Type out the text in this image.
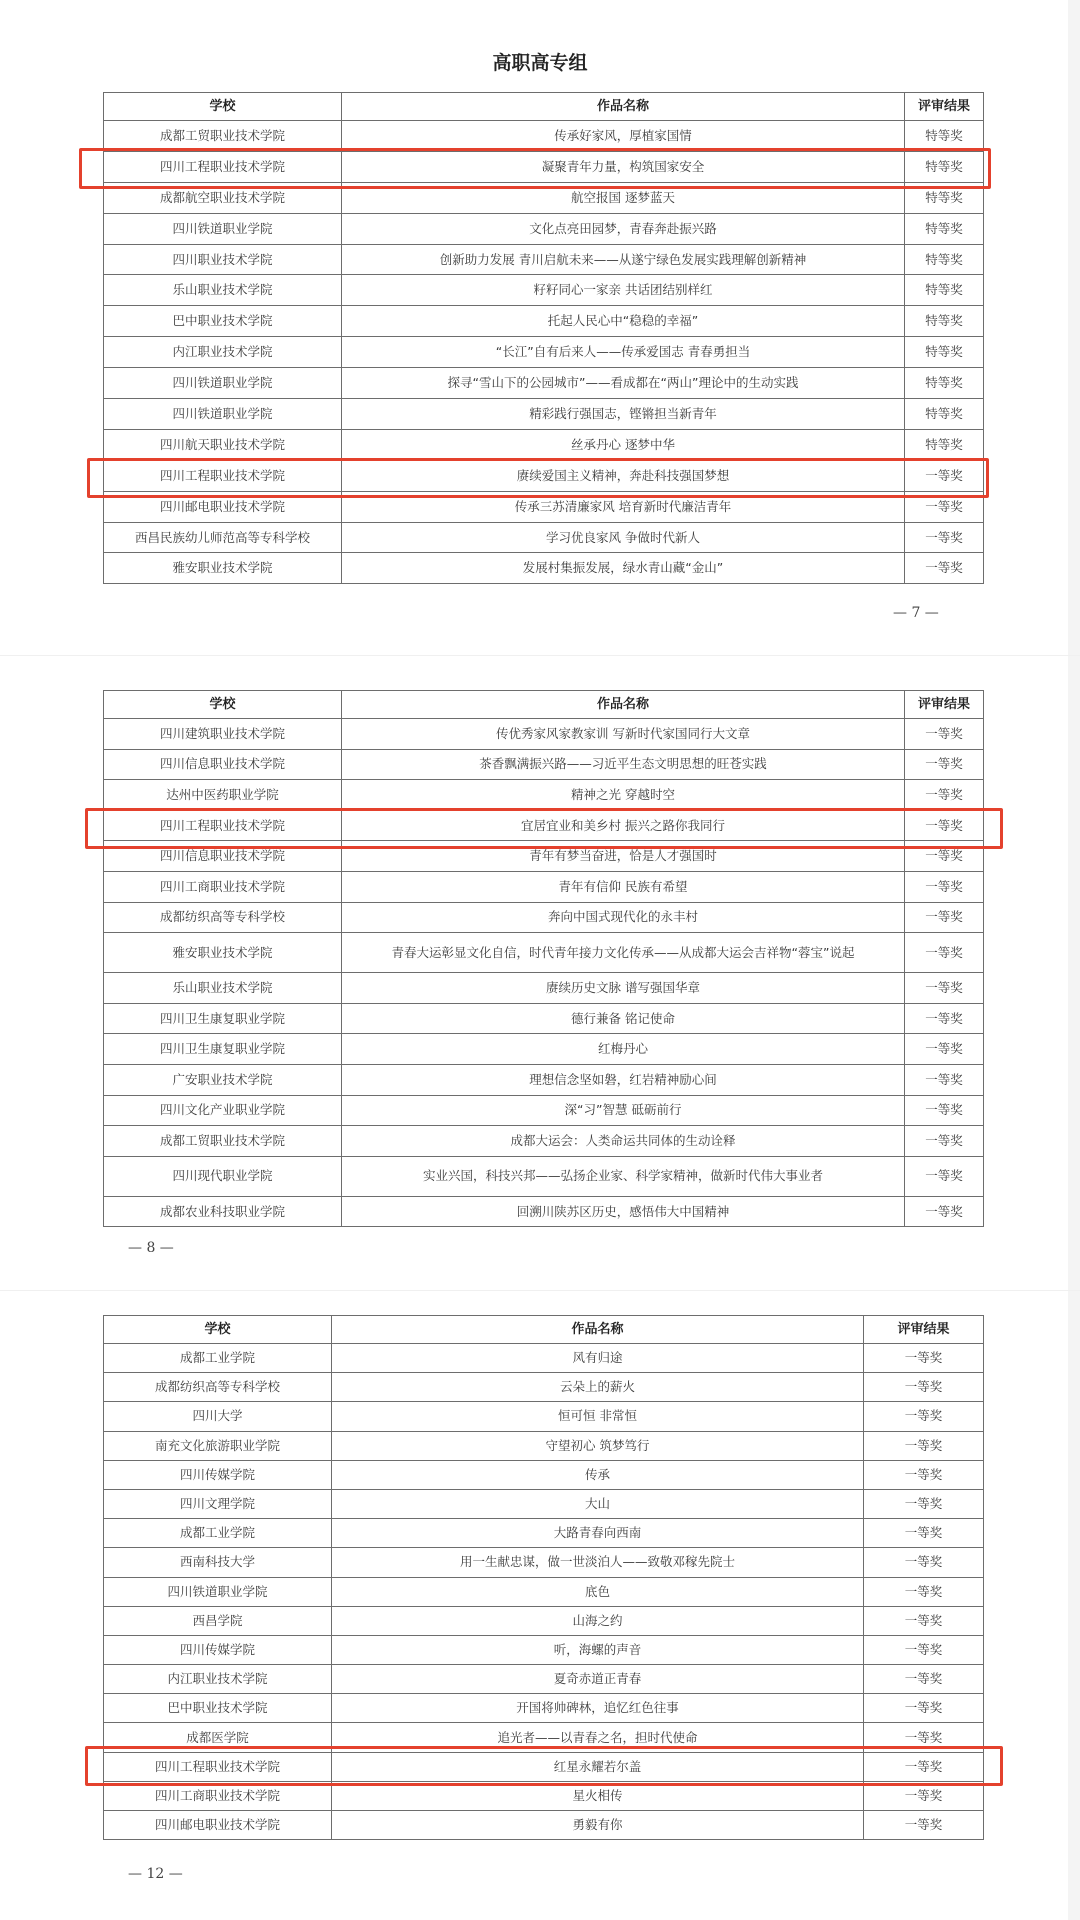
高职高专组
学校	作品名称	评审结果
成都工贸职业技术学院	传承好家风，厚植家国情	特等奖
四川工程职业技术学院	凝聚青年力量，构筑国家安全	特等奖
成都航空职业技术学院	航空报国 逐梦蓝天	特等奖
四川铁道职业学院	文化点亮田园梦，青春奔赴振兴路	特等奖
四川职业技术学院	创新助力发展 青川启航未来——从遂宁绿色发展实践理解创新精神	特等奖
乐山职业技术学院	籽籽同心一家亲 共话团结别样红	特等奖
巴中职业技术学院	托起人民心中“稳稳的幸福”	特等奖
内江职业技术学院	“长江”自有后来人——传承爱国志 青春勇担当	特等奖
四川铁道职业学院	探寻“雪山下的公园城市”——看成都在“两山”理论中的生动实践	特等奖
四川铁道职业学院	精彩践行强国志，铿锵担当新青年	特等奖
四川航天职业技术学院	丝承丹心 逐梦中华	特等奖
四川工程职业技术学院	赓续爱国主义精神，奔赴科技强国梦想	一等奖
四川邮电职业技术学院	传承三苏清廉家风 培育新时代廉洁青年	一等奖
西昌民族幼儿师范高等专科学校	学习优良家风 争做时代新人	一等奖
雅安职业技术学院	发展村集振发展，绿水青山藏“金山”	一等奖
— 7 —
学校	作品名称	评审结果
四川建筑职业技术学院	传优秀家风家教家训 写新时代家国同行大文章	一等奖
四川信息职业技术学院	茶香飘满振兴路——习近平生态文明思想的旺苍实践	一等奖
达州中医药职业学院	精神之光 穿越时空	一等奖
四川工程职业技术学院	宜居宜业和美乡村 振兴之路你我同行	一等奖
四川信息职业技术学院	青年有梦当奋进，恰是人才强国时	一等奖
四川工商职业技术学院	青年有信仰 民族有希望	一等奖
成都纺织高等专科学校	奔向中国式现代化的永丰村	一等奖
雅安职业技术学院	青春大运彰显文化自信，时代青年接力文化传承——从成都大运会吉祥物“蓉宝”说起	一等奖
乐山职业技术学院	赓续历史文脉 谱写强国华章	一等奖
四川卫生康复职业学院	德行兼备 铭记使命	一等奖
四川卫生康复职业学院	红梅丹心	一等奖
广安职业技术学院	理想信念坚如磐，红岩精神励心间	一等奖
四川文化产业职业学院	深“习”智慧 砥砺前行	一等奖
成都工贸职业技术学院	成都大运会：人类命运共同体的生动诠释	一等奖
四川现代职业学院	实业兴国，科技兴邦——弘扬企业家、科学家精神，做新时代伟大事业者	一等奖
成都农业科技职业学院	回溯川陕苏区历史，感悟伟大中国精神	一等奖
— 8 —
学校	作品名称	评审结果
成都工业学院	风有归途	一等奖
成都纺织高等专科学校	云朵上的薪火	一等奖
四川大学	恒可恒 非常恒	一等奖
南充文化旅游职业学院	守望初心 筑梦笃行	一等奖
四川传媒学院	传承	一等奖
四川文理学院	大山	一等奖
成都工业学院	大路青春向西南	一等奖
西南科技大学	用一生献忠谋，做一世淡泊人——致敬邓稼先院士	一等奖
四川铁道职业学院	底色	一等奖
西昌学院	山海之约	一等奖
四川传媒学院	听，海螺的声音	一等奖
内江职业技术学院	夏奇赤道正青春	一等奖
巴中职业技术学院	开国将帅碑林，追忆红色往事	一等奖
成都医学院	追光者——以青春之名，担时代使命	一等奖
四川工程职业技术学院	红星永耀若尔盖	一等奖
四川工商职业技术学院	星火相传	一等奖
四川邮电职业技术学院	勇毅有你	一等奖
— 12 —
